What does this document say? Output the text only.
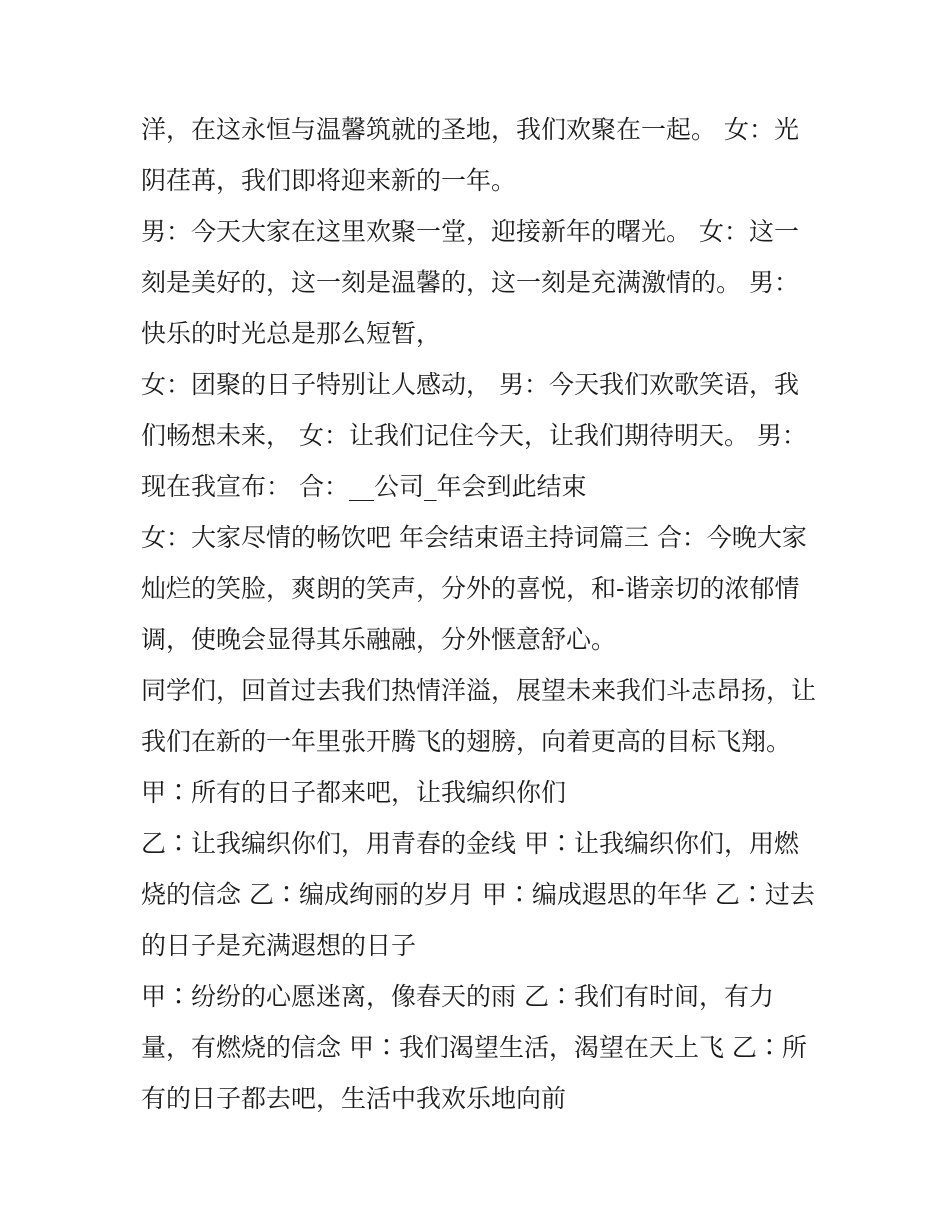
洋，在这永恒与温馨筑就的圣地，我们欢聚在一起。 女：光
阴荏苒，我们即将迎来新的一年。
男：今天大家在这里欢聚一堂，迎接新年的曙光。 女：这一
刻是美好的，这一刻是温馨的，这一刻是充满激情的。 男：
快乐的时光总是那么短暂，
女：团聚的日子特别让人感动， 男：今天我们欢歌笑语，我
们畅想未来， 女：让我们记住今天，让我们期待明天。 男：
现在我宣布： 合：__公司_年会到此结束
女：大家尽情的畅饮吧 年会结束语主持词篇三 合：今晚大家
灿烂的笑脸，爽朗的笑声，分外的喜悦，和-谐亲切的浓郁情
调，使晚会显得其乐融融，分外惬意舒心。
同学们，回首过去我们热情洋溢，展望未来我们斗志昂扬，让
我们在新的一年里张开腾飞的翅膀，向着更高的目标飞翔。
甲∶所有的日子都来吧，让我编织你们
乙∶让我编织你们，用青春的金线 甲∶让我编织你们，用燃
烧的信念 乙∶编成绚丽的岁月 甲∶编成遐思的年华 乙∶过去
的日子是充满遐想的日子
甲∶纷纷的心愿迷离，像春天的雨 乙∶我们有时间，有力
量，有燃烧的信念 甲∶我们渴望生活，渴望在天上飞 乙∶所
有的日子都去吧，生活中我欢乐地向前
